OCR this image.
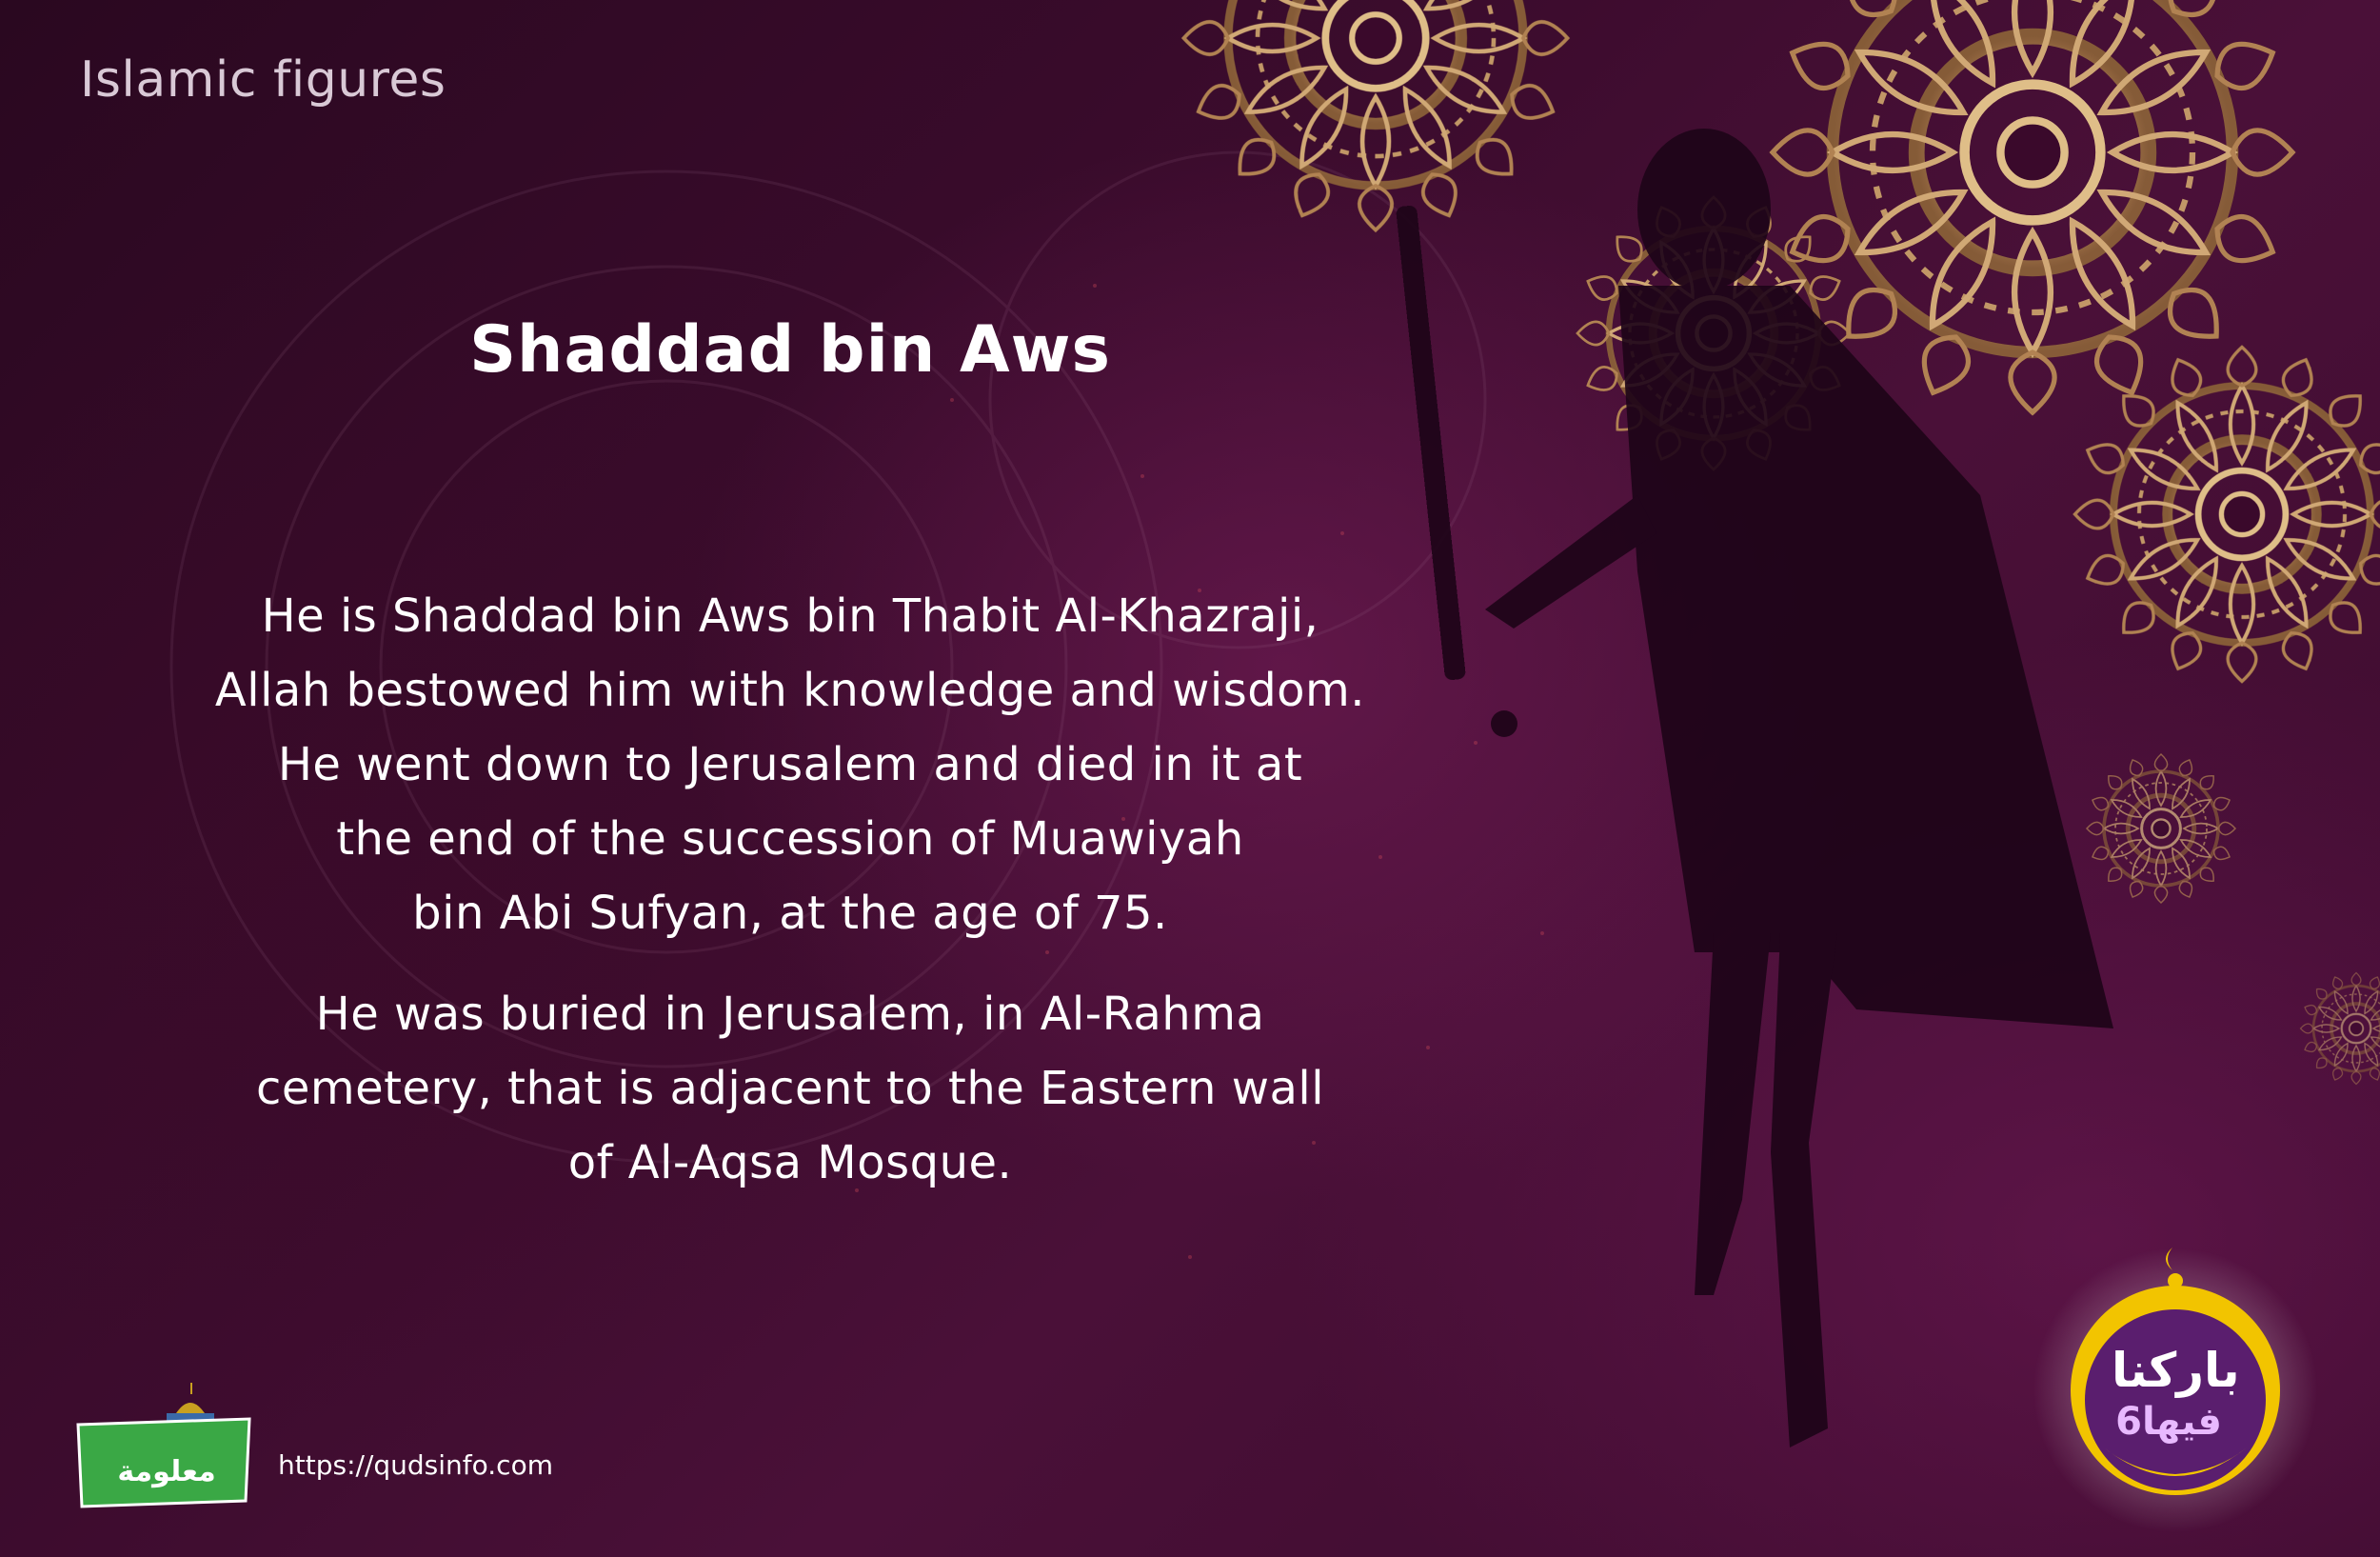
Islamic figures
Shaddad bin Aws
He is Shaddad bin Aws bin Thabit Al-Khazraji,
Allah bestowed him with knowledge and wisdom.
He went down to Jerusalem and died in it at
the end of the succession of Muawiyah
bin Abi Sufyan, at the age of 75.
He was buried in Jerusalem, in Al-Rahma
cemetery, that is adjacent to the Eastern wall
of Al-Aqsa Mosque.
معلومة	https://qudsinfo.com
باركنا
فيها6
